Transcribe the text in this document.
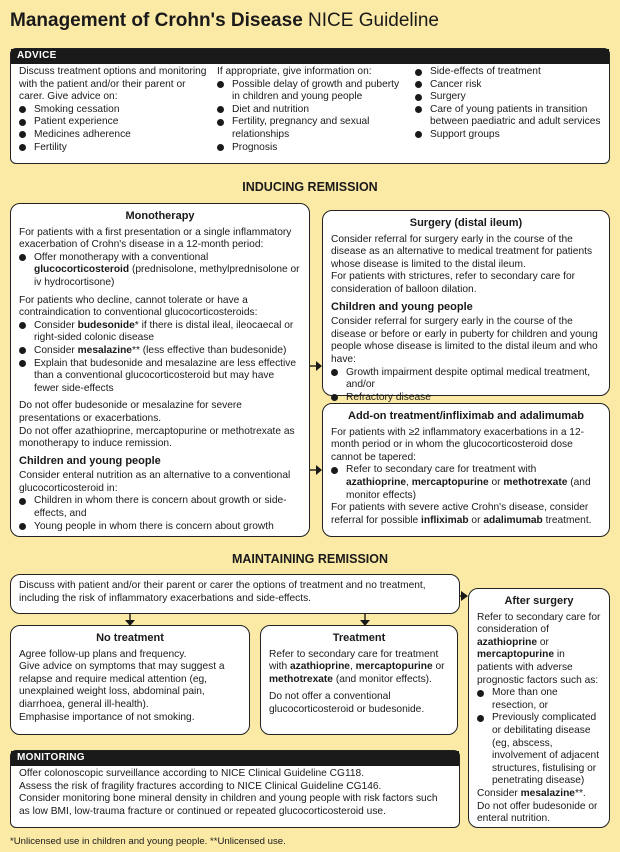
Management of Crohn's Disease NICE Guideline
ADVICE

Discuss treatment options and monitoring with the patient and/or their parent or carer. Give advice on:

Smoking cessation
Patient experience
Medicines adherence
Fertility

If appropriate, give information on:

Possible delay of growth and puberty in children and young people
Diet and nutrition
Fertility, pregnancy and sexual relationships
Prognosis
Side-effects of treatment
Cancer risk
Surgery
Care of young patients in transition between paediatric and adult services
Support groups
INDUCING REMISSION
Monotherapy

For patients with a first presentation or a single inflammatory exacerbation of Crohn's disease in a 12-month period:

Offer monotherapy with a conventional glucocorticosteroid (prednisolone, methylprednisolone or iv hydrocortisone)

For patients who decline, cannot tolerate or have a contraindication to conventional glucocorticosteroids:

Consider budesonide* if there is distal ileal, ileocaecal or right-sided colonic disease
Consider mesalazine** (less effective than budesonide)
Explain that budesonide and mesalazine are less effective than a conventional glucocorticosteroid but may have fewer side-effects

Do not offer budesonide or mesalazine for severe presentations or exacerbations.

Do not offer azathioprine, mercaptopurine or methotrexate as monotherapy to induce remission.

Children and young people

Consider enteral nutrition as an alternative to a conventional glucocorticosteroid in:

Children in whom there is concern about growth or side-effects, and
Young people in whom there is concern about growth
Surgery (distal ileum)

Consider referral for surgery early in the course of the disease as an alternative to medical treatment for patients whose disease is limited to the distal ileum.

For patients with strictures, refer to secondary care for consideration of balloon dilation.

Children and young people

Consider referral for surgery early in the course of the disease or before or early in puberty for children and young people whose disease is limited to the distal ileum and who have:

Growth impairment despite optimal medical treatment, and/or
Refractory disease
Add-on treatment/infliximab and adalimumab

For patients with ≥2 inflammatory exacerbations in a 12-month period or in whom the glucocorticosteroid dose cannot be tapered:

Refer to secondary care for treatment with azathioprine, mercaptopurine or methotrexate (and monitor effects)

For patients with severe active Crohn's disease, consider referral for possible infliximab or adalimumab treatment.

MAINTAINING REMISSION

Discuss with patient and/or their parent or carer the options of treatment and no treatment, including the risk of inflammatory exacerbations and side-effects.

No treatment

Agree follow-up plans and frequency.

Give advice on symptoms that may suggest a relapse and require medical attention (eg, unexplained weight loss, abdominal pain, diarrhoea, general ill-health).

Emphasise importance of not smoking.

Treatment

Refer to secondary care for treatment with azathioprine, mercaptopurine or methotrexate (and monitor effects).

Do not offer a conventional glucocorticosteroid or budesonide.

After surgery

Refer to secondary care for consideration of azathioprine or mercaptopurine in patients with adverse prognostic factors such as:

More than one resection, or
Previously complicated or debilitating disease (eg, abscess, involvement of adjacent structures, fistulising or penetrating disease)

Consider mesalazine**.

Do not offer budesonide or enteral nutrition.

MONITORING

Offer colonoscopic surveillance according to NICE Clinical Guideline CG118.

Assess the risk of fragility fractures according to NICE Clinical Guideline CG146.

Consider monitoring bone mineral density in children and young people with risk factors such as low BMI, low-trauma fracture or continued or repeated glucocorticosteroid use.

*Unlicensed use in children and young people. **Unlicensed use.
